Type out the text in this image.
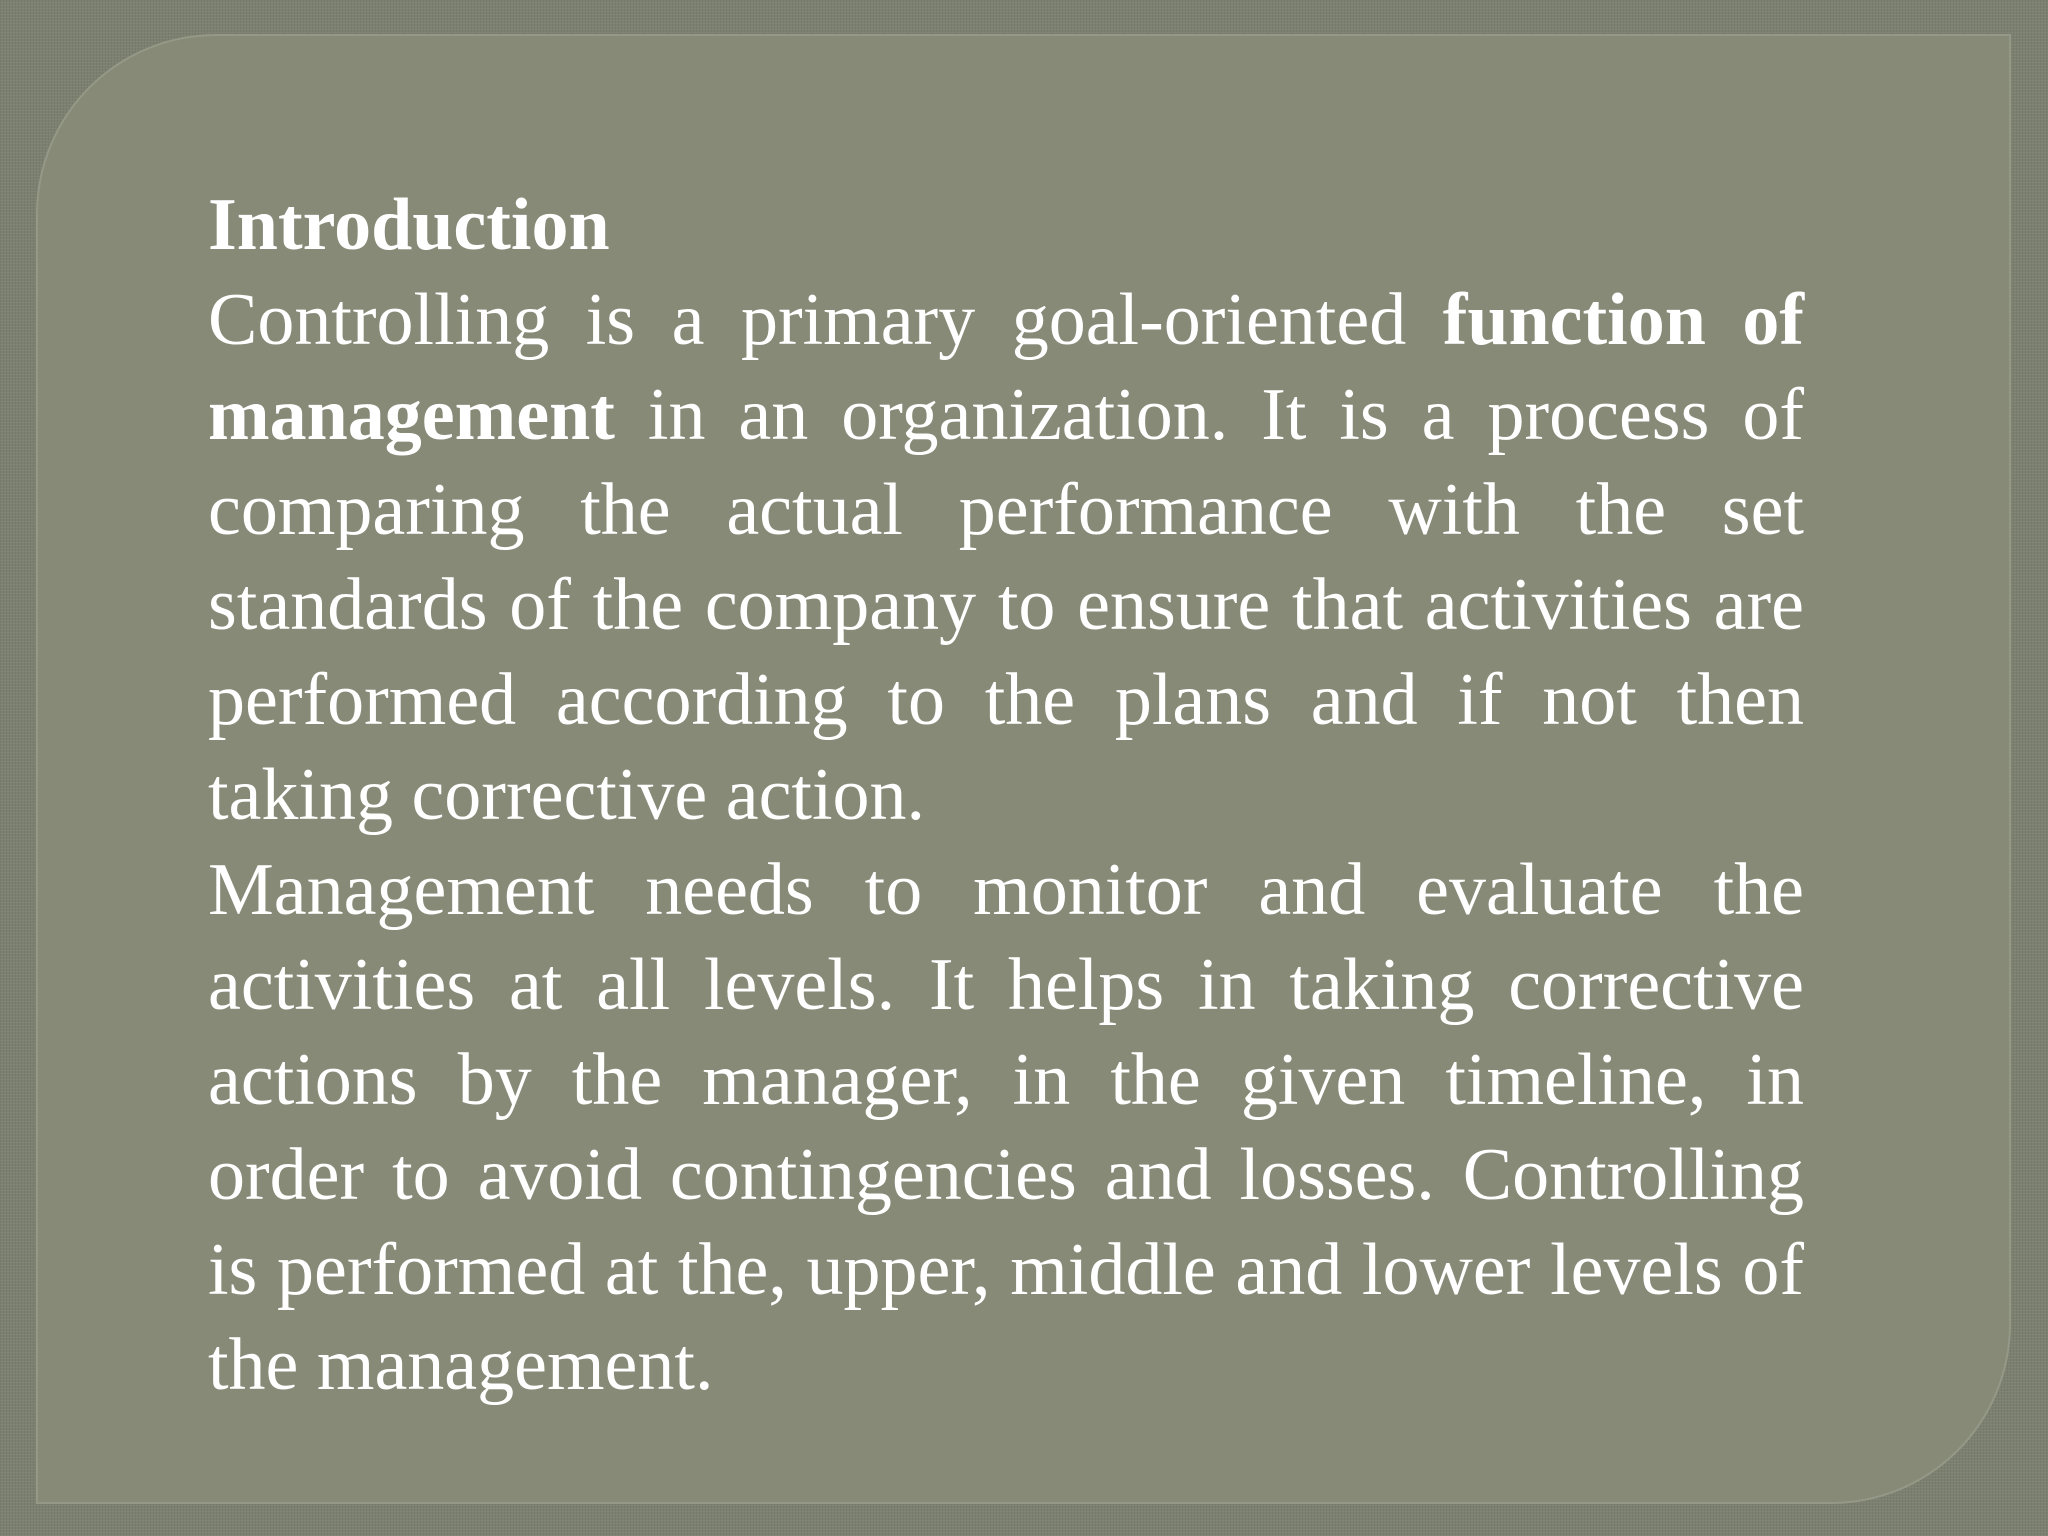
Introduction

Controlling is a primary goal-oriented function of management in an organization. It is a process of comparing the actual performance with the set standards of the company to ensure that activities are performed according to the plans and if not then taking corrective action.

Management needs to monitor and evaluate the activities at all levels. It helps in taking corrective actions by the manager, in the given timeline, in order to avoid contingencies and losses. Controlling is performed at the, upper, middle and lower levels of the management.
